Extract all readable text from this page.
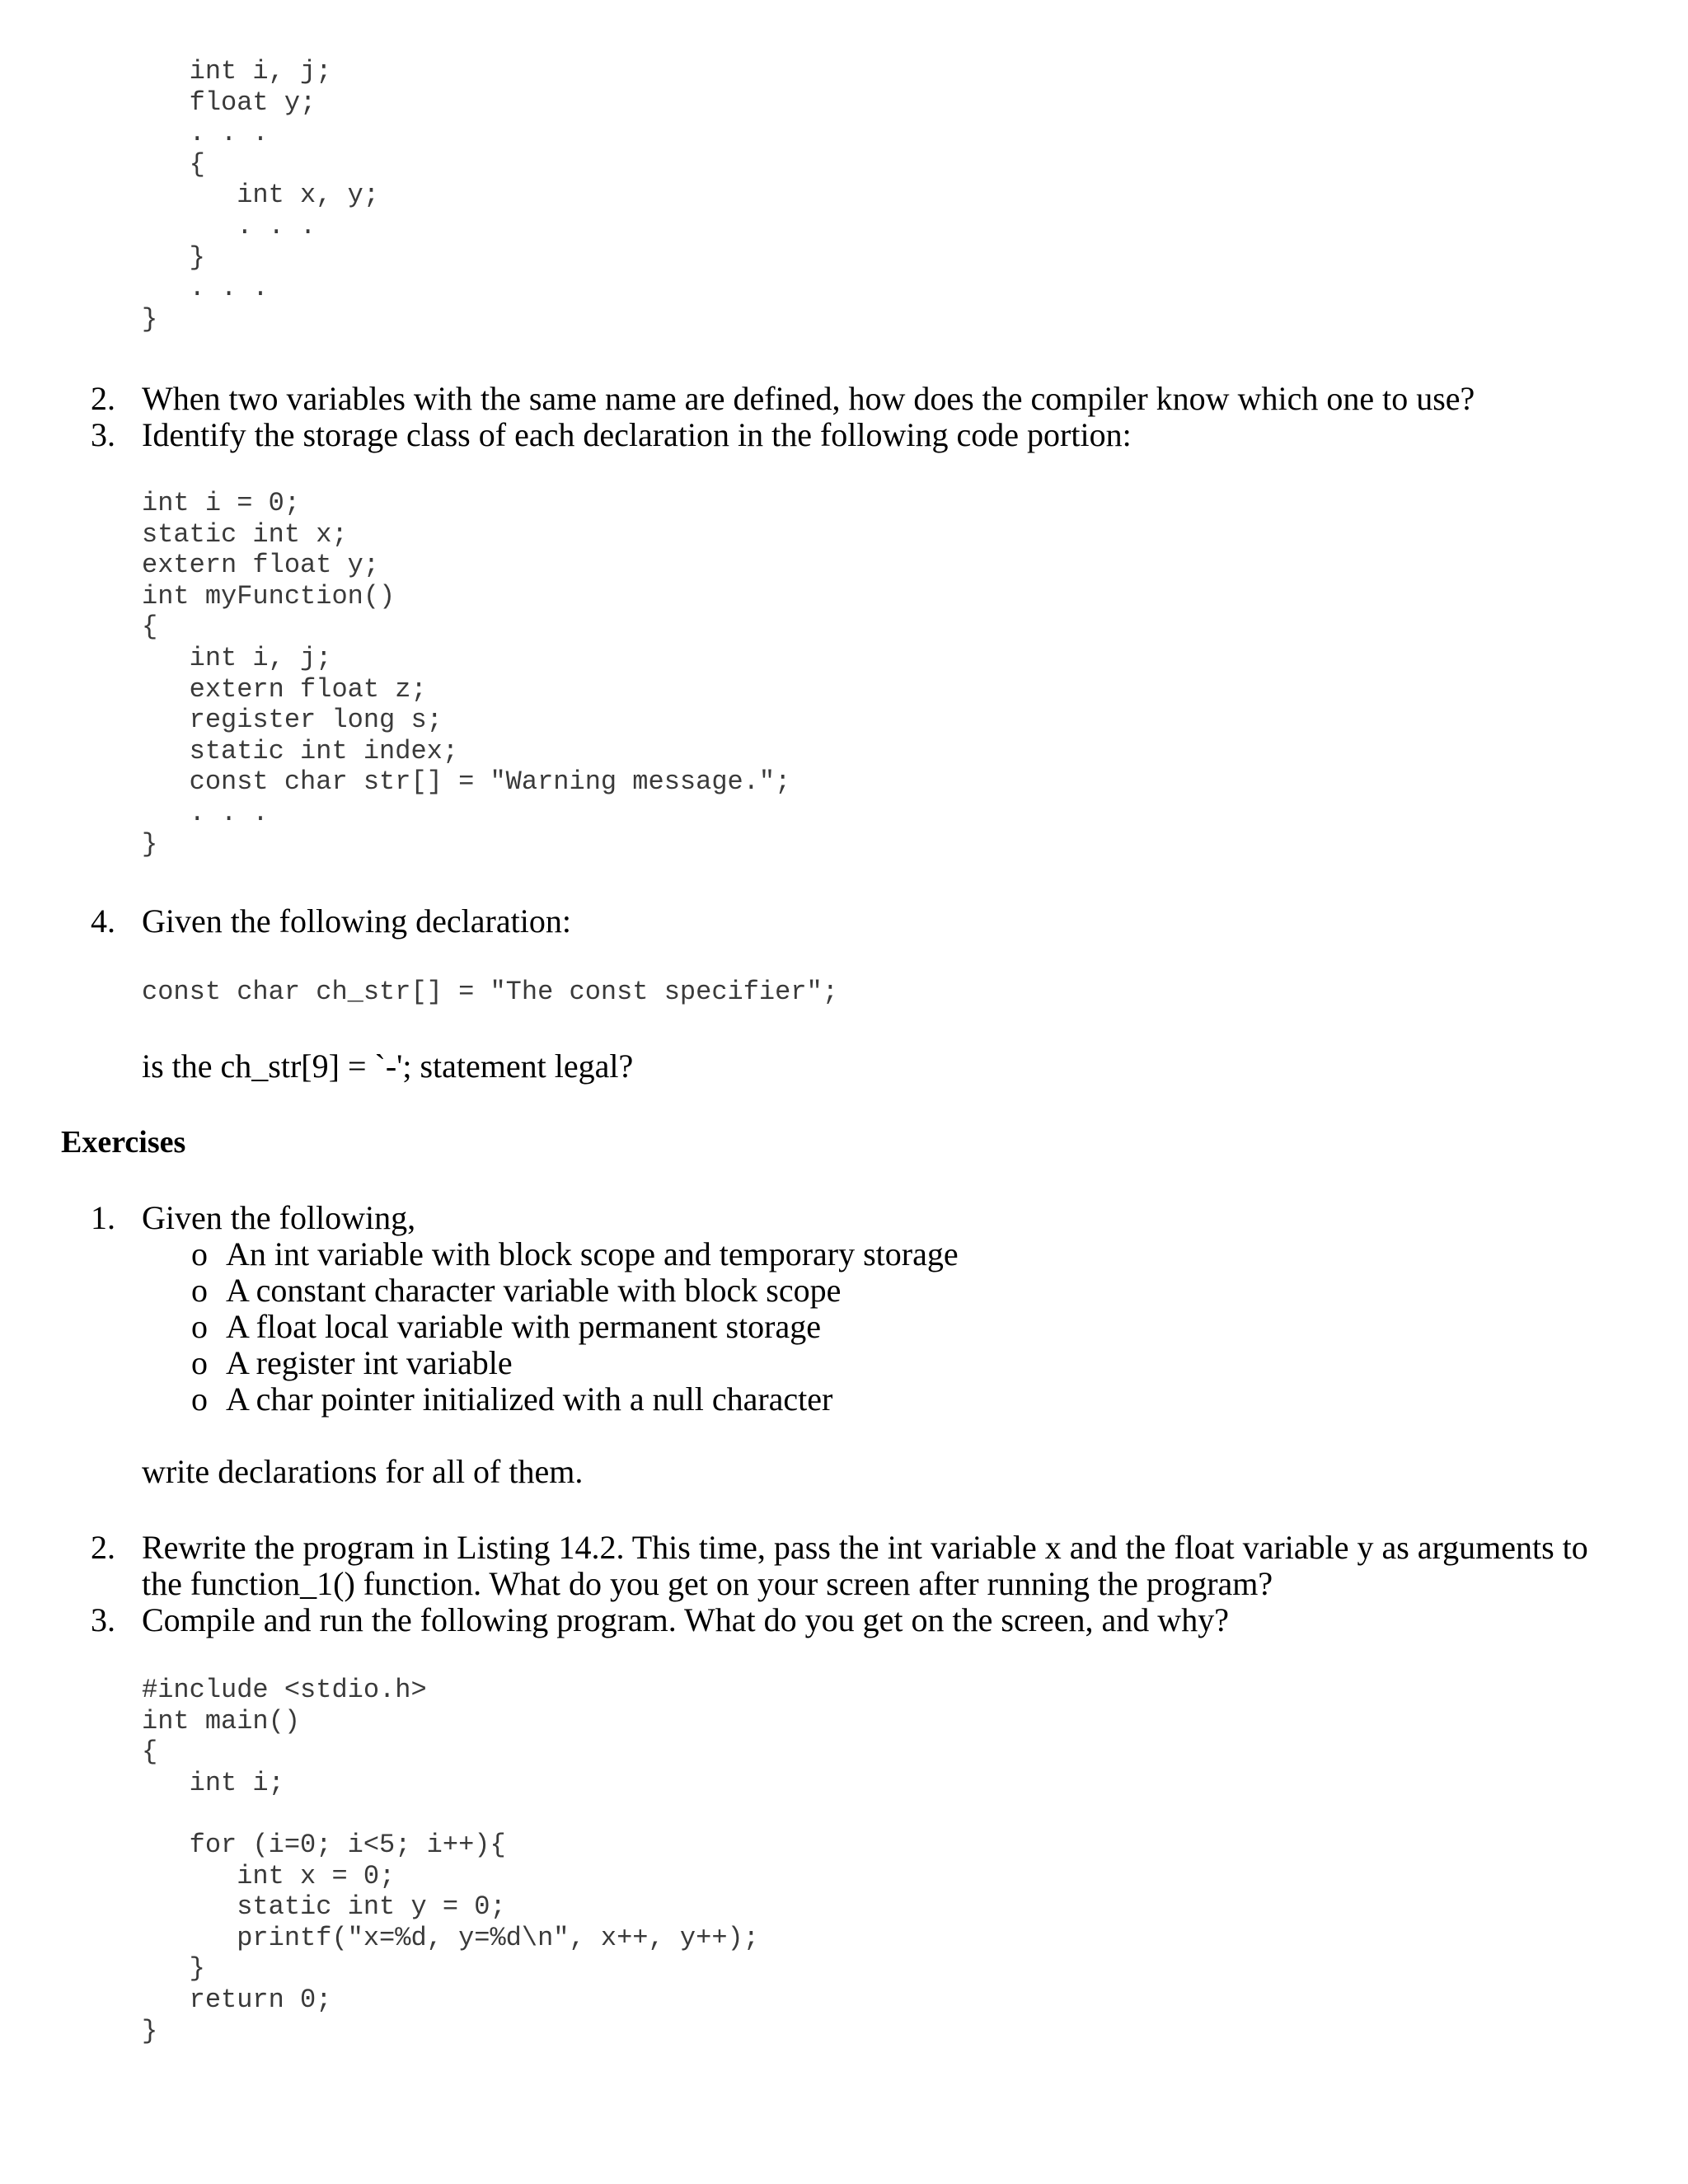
int i, j;
float y;
. . .
{
int x, y;
. . .
}
. . .
}
2. When two variables with the same name are defined, how does the compiler know which one to use?
3. Identify the storage class of each declaration in the following code portion:
int i = 0;
static int x;
extern float y;
int myFunction()
{
int i, j;
extern float z;
register long s;
static int index;
const char str[] = "Warning message.";
. . .
}
4. Given the following declaration:
const char ch_str[] = "The const specifier";
is the ch_str[9] = `-'; statement legal?
Exercises
1. Given the following,
o An int variable with block scope and temporary storage
o A constant character variable with block scope
o A float local variable with permanent storage
o A register int variable
o A char pointer initialized with a null character
write declarations for all of them.
2. Rewrite the program in Listing 14.2. This time, pass the int variable x and the float variable y as arguments to
the function_1() function. What do you get on your screen after running the program?
3. Compile and run the following program. What do you get on the screen, and why?
#include <stdio.h>
int main()
{
int i;
for (i=0; i<5; i++){
int x = 0;
static int y = 0;
printf("x=%d, y=%d\n", x++, y++);
}
return 0;
}
